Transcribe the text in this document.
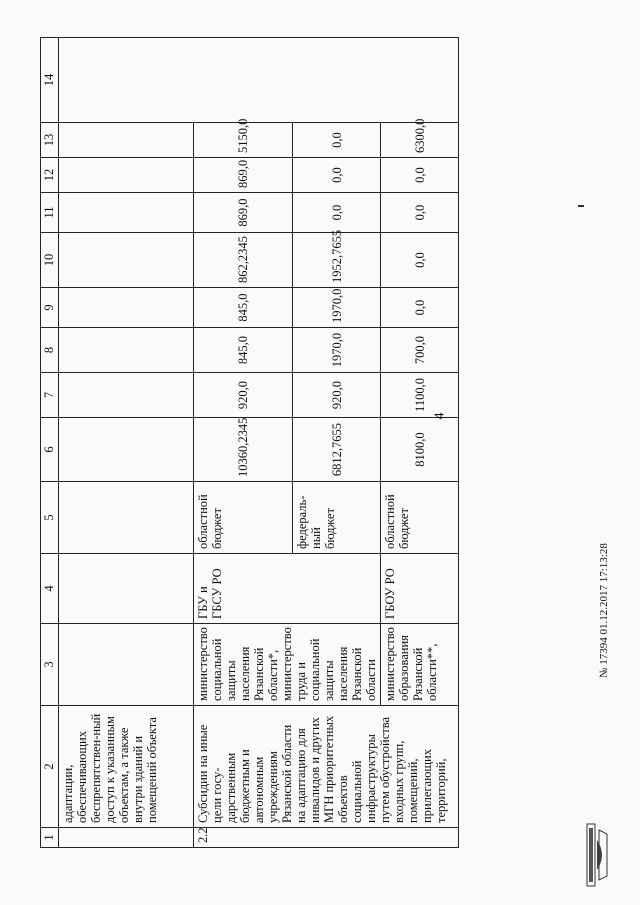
1	2	3	4	5	6	7	8	9	10	11	12	13	14
	адаптации, обеспечивающих беспрепятствен-ный доступ к указанным объектам, а также внутри зданий и помещений объекта												
2.2	Субсидии на иные цели госу-дарственным бюджетным и автономным учреждениям Рязанской области на адаптацию для инвалидов и других МГН приоритетных объектов социальной инфраструктуры путем обустройства входных групп, помещений, прилегающих территорий,	министерство социальной защиты населения Рязанской области*, министерство труда и социальной защиты населения Рязанской области	ГБУ и ГБСУ РО	областной бюджет	10360,2345	920,0	845,0	845,0	862,2345	869,0	869,0	5150,0	
				федераль-ный бюджет	6812,7655	920,0	1970,0	1970,0	1952,7655	0,0	0,0	0,0	
		министерство образования Рязанской области**,	ГБОУ РО	областной бюджет	8100,0	1100,0	700,0	0,0	0,0	0,0	0,0	6300,0	
4
№ 17394 01.12.2017 17:13:28
